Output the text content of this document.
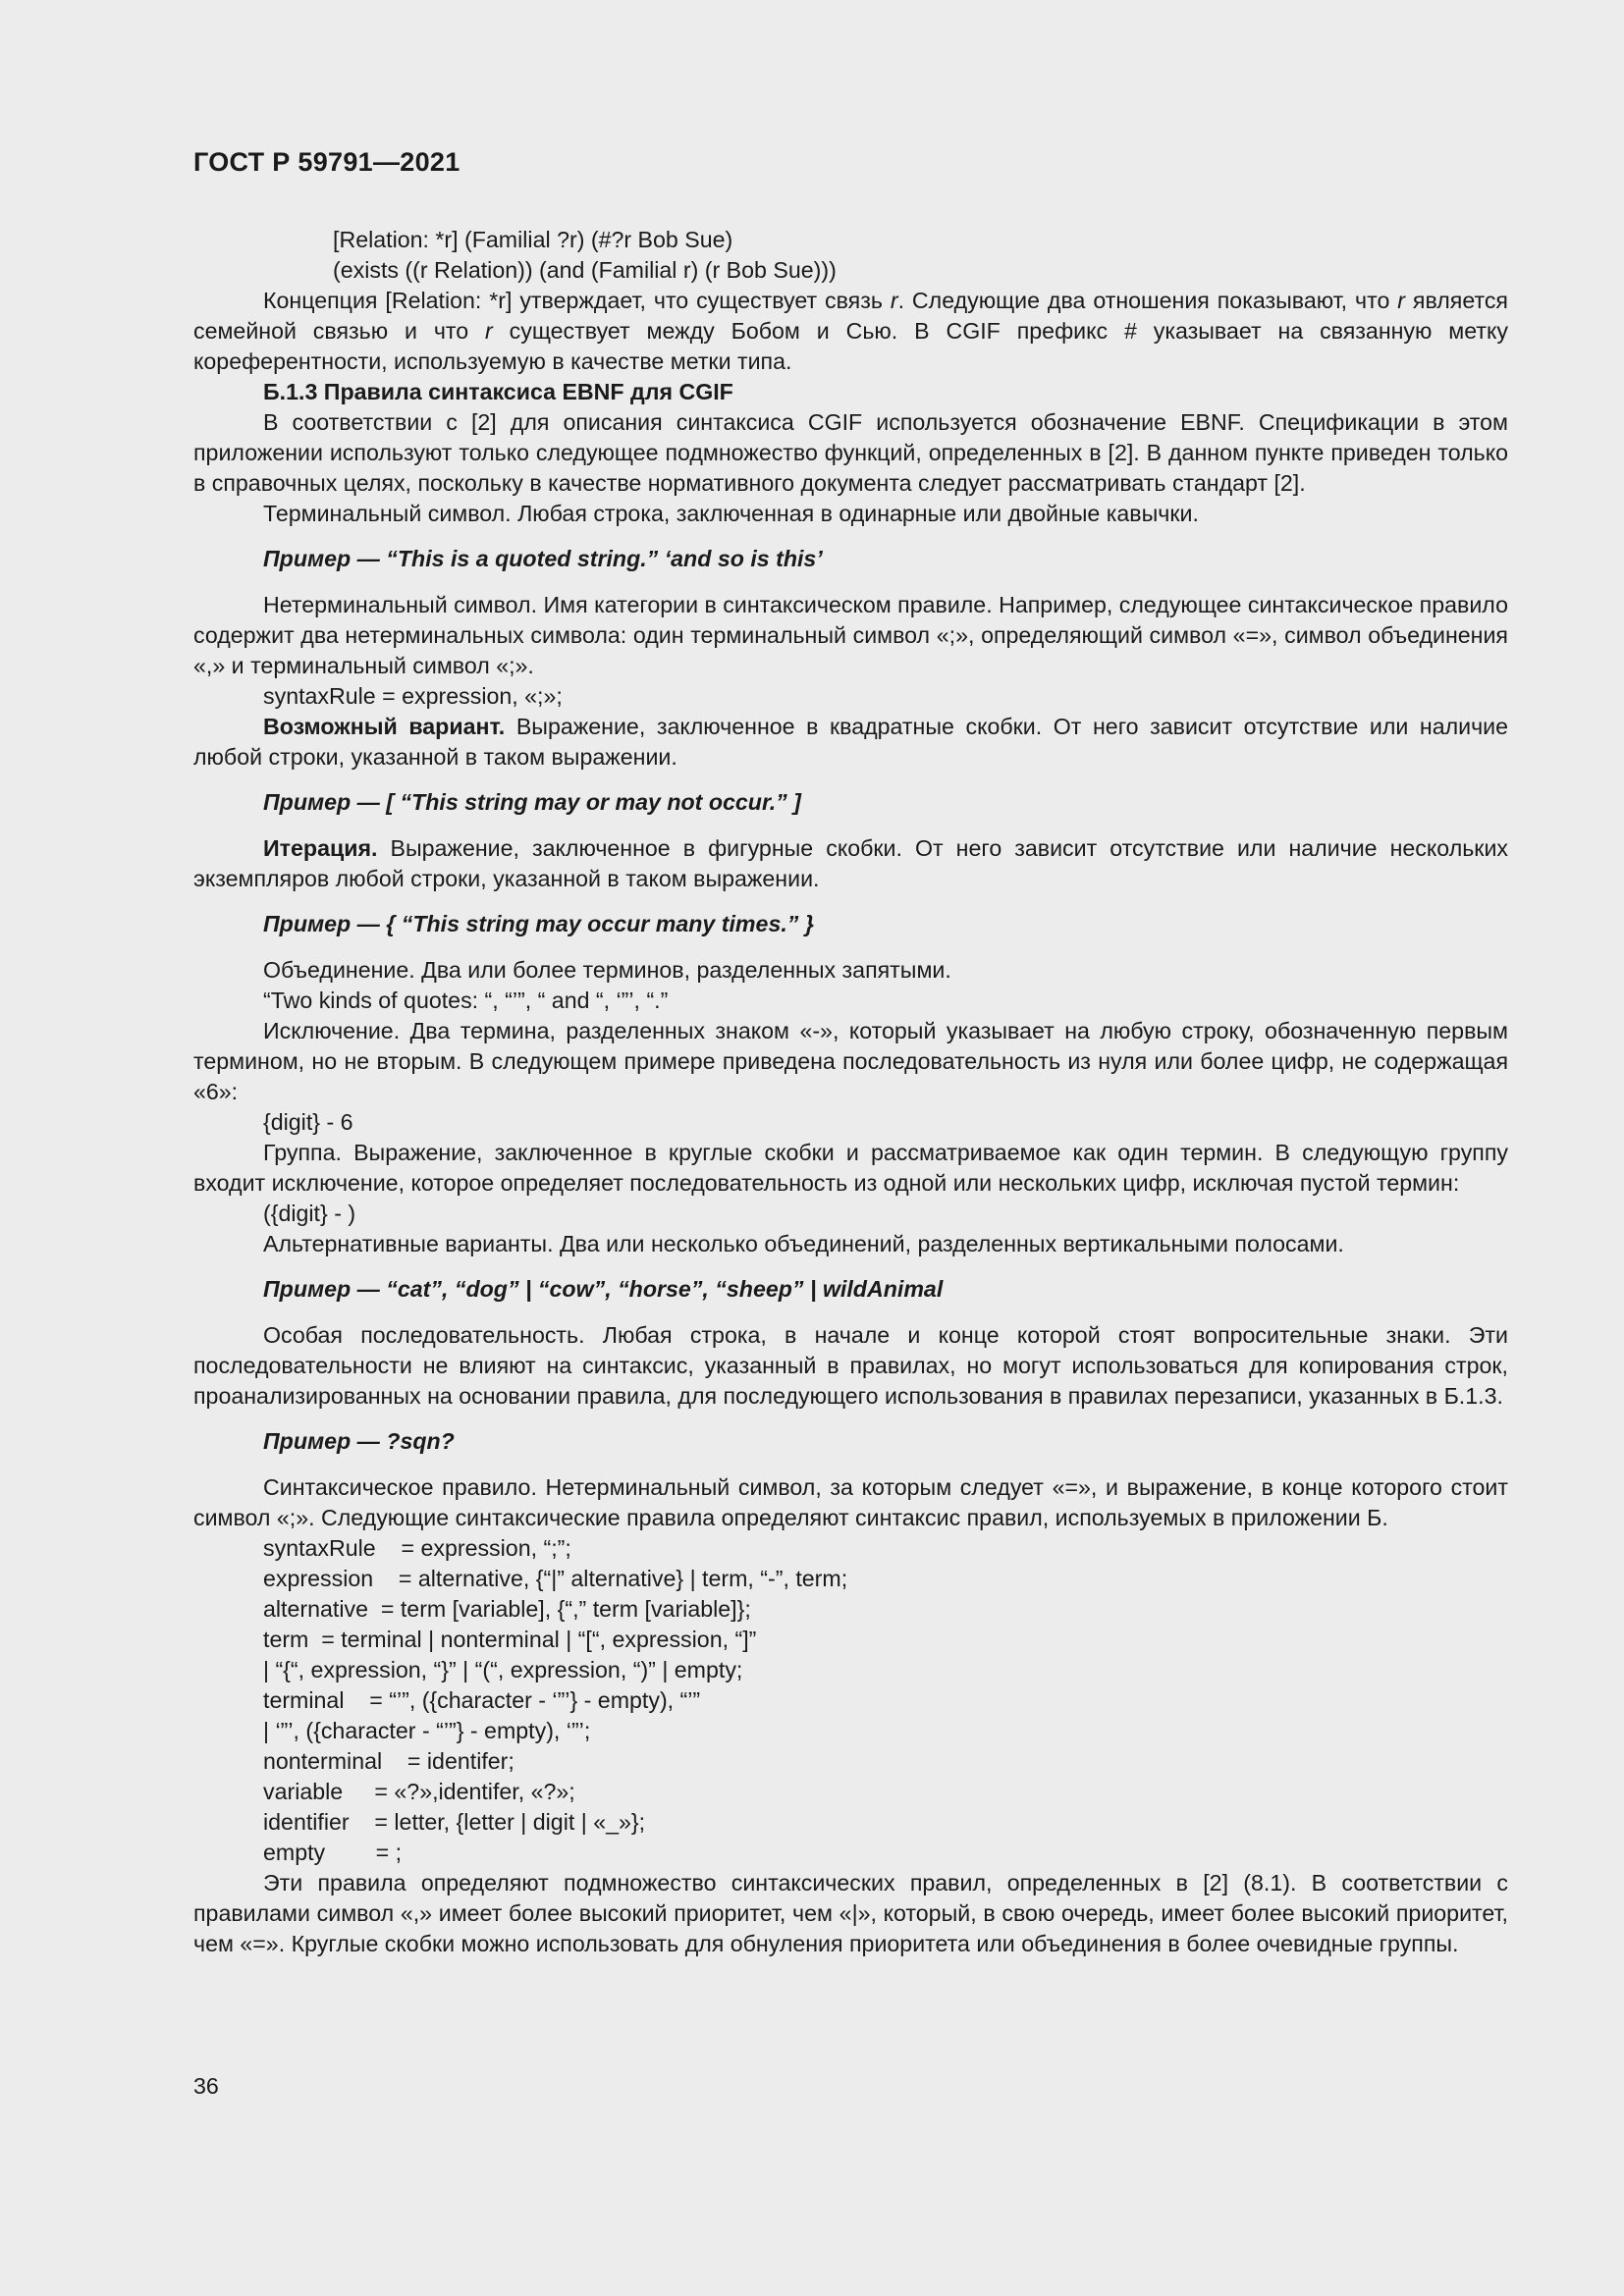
ГОСТ Р 59791—2021
[Relation: *r] (Familial ?r) (#?r Bob Sue)
(exists ((r Relation)) (and (Familial r) (r Bob Sue)))

Концепция [Relation: *r] утверждает, что существует связь r. Следующие два отношения показывают, что r является семейной связью и что r существует между Бобом и Сью. В CGIF префикс # указывает на связанную метку кореферентности, используемую в качестве метки типа.

Б.1.3 Правила синтаксиса EBNF для CGIF

В соответствии с [2] для описания синтаксиса CGIF используется обозначение EBNF. Спецификации в этом приложении используют только следующее подмножество функций, определенных в [2]. В данном пункте приведен только в справочных целях, поскольку в качестве нормативного документа следует рассматривать стандарт [2].

Терминальный символ. Любая строка, заключенная в одинарные или двойные кавычки.

Пример — “This is a quoted string.” ‘and so is this’

Нетерминальный символ. Имя категории в синтаксическом правиле. Например, следующее синтаксическое правило содержит два нетерминальных символа: один терминальный символ «;», определяющий символ «=», символ объединения «,» и терминальный символ «;».

syntaxRule = expression, «;»;

Возможный вариант. Выражение, заключенное в квадратные скобки. От него зависит отсутствие или наличие любой строки, указанной в таком выражении.

Пример — [ “This string may or may not occur.” ]

Итерация. Выражение, заключенное в фигурные скобки. От него зависит отсутствие или наличие нескольких экземпляров любой строки, указанной в таком выражении.

Пример — { “This string may occur many times.” }

Объединение. Два или более терминов, разделенных запятыми.

“Two kinds of quotes: “, “’”, “ and “, ‘”’, “.”

Исключение. Два термина, разделенных знаком «-», который указывает на любую строку, обозначенную первым термином, но не вторым. В следующем примере приведена последовательность из нуля или более цифр, не содержащая «6»:

{digit} - 6

Группа. Выражение, заключенное в круглые скобки и рассматриваемое как один термин. В следующую группу входит исключение, которое определяет последовательность из одной или нескольких цифр, исключая пустой термин:

({digit} - )

Альтернативные варианты. Два или несколько объединений, разделенных вертикальными полосами.

Пример — “cat”, “dog” | “cow”, “horse”, “sheep” | wildAnimal

Особая последовательность. Любая строка, в начале и конце которой стоят вопросительные знаки. Эти последовательности не влияют на синтаксис, указанный в правилах, но могут использоваться для копирования строк, проанализированных на основании правила, для последующего использования в правилах перезаписи, указанных в Б.1.3.

Пример — ?sqn?

Синтаксическое правило. Нетерминальный символ, за которым следует «=», и выражение, в конце которого стоит символ «;». Следующие синтаксические правила определяют синтаксис правил, используемых в приложении Б.

syntaxRule    = expression, “;”;
expression    = alternative, {“|” alternative} | term, “-”, term;
alternative  = term [variable], {“,” term [variable]};
term  = terminal | nonterminal | “[“, expression, “]”
| “{“, expression, “}” | “(“, expression, “)” | empty;
terminal    = “’”, ({character - ‘”’} - empty), “’”
| ‘”’, ({character - “’”} - empty), ‘”’;
nonterminal    = identifer;
variable     = «?»,identifer, «?»;
identifier    = letter, {letter | digit | «_»};
empty        = ;

Эти правила определяют подмножество синтаксических правил, определенных в [2] (8.1). В соответствии с правилами символ «,» имеет более высокий приоритет, чем «|», который, в свою очередь, имеет более высокий приоритет, чем «=». Круглые скобки можно использовать для обнуления приоритета или объединения в более очевидные группы.

36
